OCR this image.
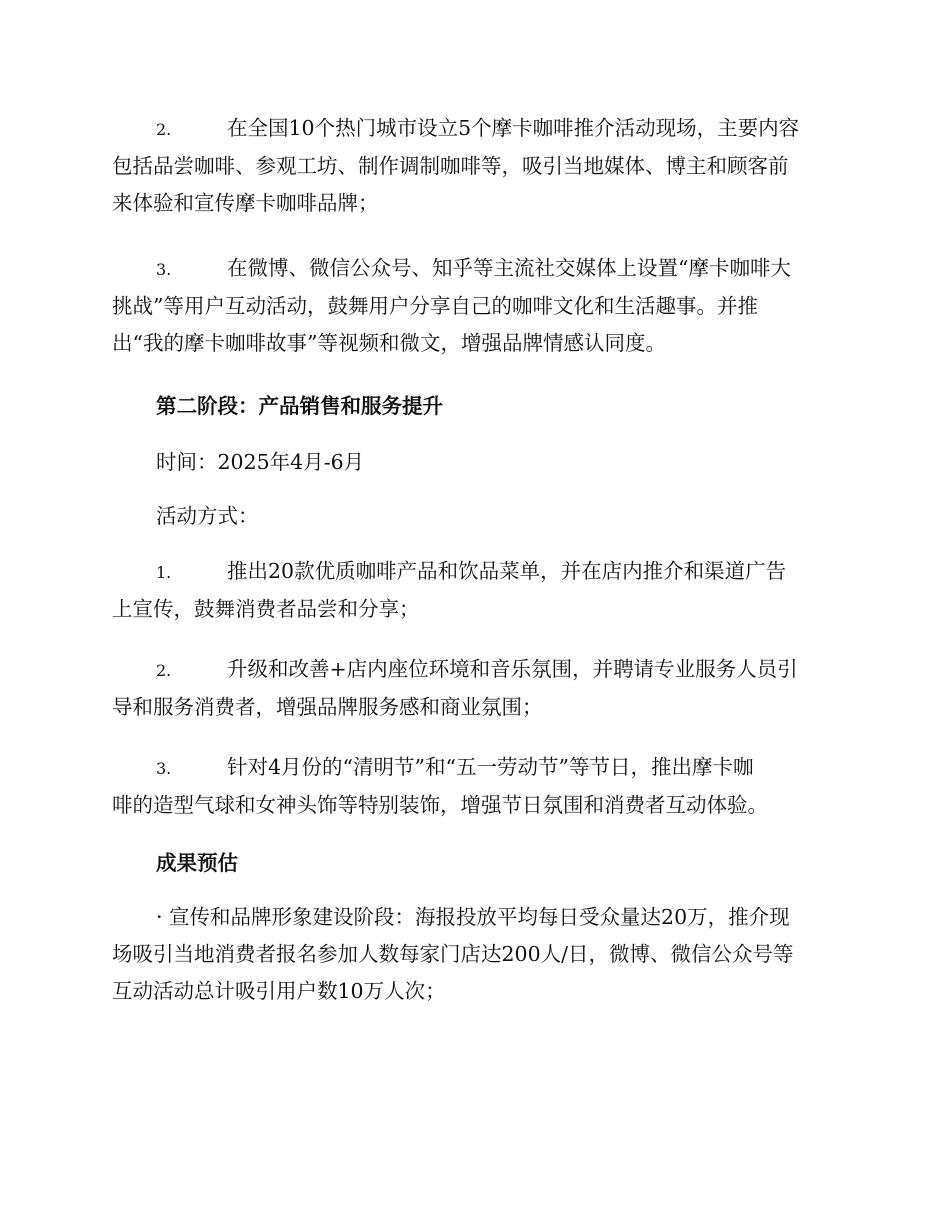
2.	在全国10个热门城市设立5个摩卡咖啡推介活动现场，主要内容
包括品尝咖啡、参观工坊、制作调制咖啡等，吸引当地媒体、博主和顾客前
来体验和宣传摩卡咖啡品牌；
3.	在微博、微信公众号、知乎等主流社交媒体上设置“摩卡咖啡大
挑战”等用户互动活动，鼓舞用户分享自己的咖啡文化和生活趣事。并推
出“我的摩卡咖啡故事”等视频和微文，增强品牌情感认同度。

第二阶段：产品销售和服务提升

时间：2025年4月-6月

活动方式：

1.	推出20款优质咖啡产品和饮品菜单，并在店内推介和渠道广告
上宣传，鼓舞消费者品尝和分享；
2.	升级和改善+店内座位环境和音乐氛围，并聘请专业服务人员引
导和服务消费者，增强品牌服务感和商业氛围；
3.	针对4月份的“清明节”和“五一劳动节”等节日，推出摩卡咖
啡的造型气球和女神头饰等特别装饰，增强节日氛围和消费者互动体验。

成果预估

· 宣传和品牌形象建设阶段：海报投放平均每日受众量达20万，推介现
场吸引当地消费者报名参加人数每家门店达200人/日，微博、微信公众号等
互动活动总计吸引用户数10万人次；
